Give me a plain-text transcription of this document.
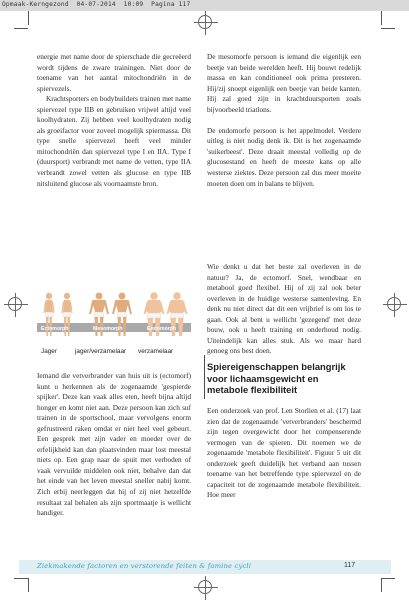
Opmaak-Kerngezond  04-07-2014  10:09  Pagina 117

energie met name door de spierschade die gecreëerd wordt tijdens de zware trainingen. Niet door de toename van het aantal mitochondriën in de spiervezels.

Krachtsporters en bodybuilders trainen met name spiervezel type IIB en gebruiken vrijwel altijd veel koolhydraten. Zij hebben veel koolhydraten nodig als groeifactor voor zoveel mogelijk spiermassa. Dit type snelle spiervezel heeft veel minder mitochondriën dan spiervezel type I en IIA. Type I (duursport) verbrandt met name de vetten, type IIA verbrandt zowel vetten als glucose en type IIB nitsluitend glucose als voornaamste bron.

Ectomorph	Mesomorph	Endomorph
Jager	jager/verzamelaar verzamelaar

Iemand die vetverbrander van huis uit is (ectomorf) kunt u herkennen als de zogenaamde 'gespierde spijker'. Deze kan vaak alles eten, heeft bijna altijd honger en komt niet aan. Deze persoon kan zich suf trainen in de sportschool, maar vervolgens enorm gefrustreerd raken omdat er niet heel veel gebeurt. Een gesprek met zijn vader en moeder over de erfelijkheid kan dan plaatsvinden maar lost meestal niets op. Een grap naar de spuit met verboden of vaak vervuilde middelen ook niet, behalve dan dat het einde van het leven meestal sneller nabij komt. Zich erbij neerleggen dat hij of zij niet hetzelfde resultaat zal behalen als zijn sportmaatje is wellicht handiger.

De mesomorfe persoon is iemand die eigenlijk een beetje van beide werelden heeft. Hij bouwt redelijk massa en kan conditioneel ook prima presteren. Hij/zij snoept eigenlijk een beetje van beide kanten. Hij zal goed zijn in krachtduursporten zoals bijvoorbeeld triatlons.

De endomorfe persoon is het appelmodel. Verdere uitleg is niet nodig denk ik. Dit is het zogenaamde 'suikerbeest'. Deze draait meestal volledig op de glucosestand en heeft de meeste kans op alle westerse ziektes. Deze persoon zal dus meer moeite moeten doen om in balans te blijven.

Wie denkt u dat het beste zal overleven in de natuur? Ja, de ectomorf. Snel, wendbaar en metabool goed flexibel. Hij of zij zal ook beter overleven in de huidige westerse samenleving. En denk nu niet direct dat dit een vrijbrief is om los te gaan. Ook al bent u wellicht 'gezegend' met deze bouw, ook u heeft training en onderhoud nodig. Uiteindelijk kan alles stuk. Als we maar hard genoeg ons best doen.

Spiereigenschappen belangrijk voor lichaamsgewicht en metabole flexibiliteit

Een onderzoek van prof. Len Storlien et al. (17) laat zien dat de zogenaamde 'vetverbranders' beschermd zijn tegen overgewicht door het compenserende vermogen van de spieren. Dit noemen we de zogenaamde 'metabole flexibiliteit'. Figuur 5 uit dit onderzoek geeft duidelijk het verband aan tussen toename van het betreffende type spiervezel en de capaciteit tot de zogenaamde metabole flexibiliteit. Hoe meer

Ziekmakende factoren en verstorende feiten & famine cycli	117
